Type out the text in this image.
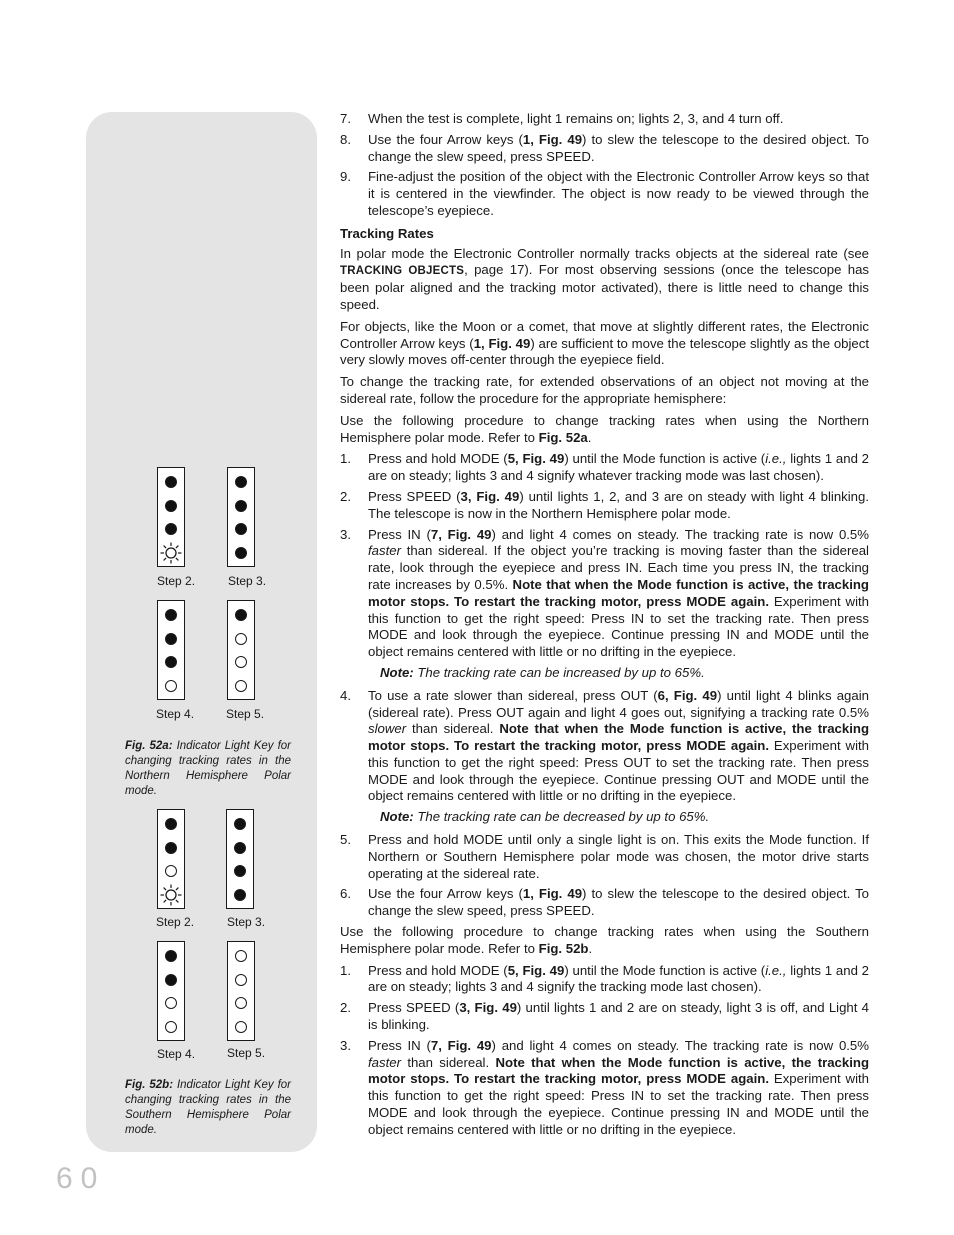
Step 2.	Step 3.
Step 4.	Step 5.
Fig. 52a: Indicator Light Key for changing tracking rates in the Northern Hemisphere Polar mode.
Step 2.	Step 3.
Step 4.	Step 5.
Fig. 52b: Indicator Light Key for changing tracking rates in the Southern Hemisphere Polar mode.
60
7. When the test is complete, light 1 remains on; lights 2, 3, and 4 turn off.
8. Use the four Arrow keys (1, Fig. 49) to slew the telescope to the desired object. To change the slew speed, press SPEED.
9. Fine-adjust the position of the object with the Electronic Controller Arrow keys so that it is centered in the viewfinder. The object is now ready to be viewed through the telescope’s eyepiece.
Tracking Rates

In polar mode the Electronic Controller normally tracks objects at the sidereal rate (see TRACKING OBJECTS, page 17). For most observing sessions (once the telescope has been polar aligned and the tracking motor activated), there is little need to change this speed.

For objects, like the Moon or a comet, that move at slightly different rates, the Electronic Controller Arrow keys (1, Fig. 49) are sufficient to move the telescope slightly as the object very slowly moves off-center through the eyepiece field.

To change the tracking rate, for extended observations of an object not moving at the sidereal rate, follow the procedure for the appropriate hemisphere:

Use the following procedure to change tracking rates when using the Northern Hemisphere polar mode. Refer to Fig. 52a.

1. Press and hold MODE (5, Fig. 49) until the Mode function is active (i.e., lights 1 and 2 are on steady; lights 3 and 4 signify whatever tracking mode was last chosen).
2. Press SPEED (3, Fig. 49) until lights 1, 2, and 3 are on steady with light 4 blinking. The telescope is now in the Northern Hemisphere polar mode.
3. Press IN (7, Fig. 49) and light 4 comes on steady. The tracking rate is now 0.5% faster than sidereal. If the object you’re tracking is moving faster than the sidereal rate, look through the eyepiece and press IN. Each time you press IN, the tracking rate increases by 0.5%. Note that when the Mode function is active, the tracking motor stops. To restart the tracking motor, press MODE again. Experiment with this function to get the right speed: Press IN to set the tracking rate. Then press MODE and look through the eyepiece. Continue pressing IN and MODE until the object remains centered with little or no drifting in the eyepiece.
Note: The tracking rate can be increased by up to 65%.
4. To use a rate slower than sidereal, press OUT (6, Fig. 49) until light 4 blinks again (sidereal rate). Press OUT again and light 4 goes out, signifying a tracking rate 0.5% slower than sidereal. Note that when the Mode function is active, the tracking motor stops. To restart the tracking motor, press MODE again. Experiment with this function to get the right speed: Press OUT to set the tracking rate. Then press MODE and look through the eyepiece. Continue pressing OUT and MODE until the object remains centered with little or no drifting in the eyepiece.
Note: The tracking rate can be decreased by up to 65%.
5. Press and hold MODE until only a single light is on. This exits the Mode function. If Northern or Southern Hemisphere polar mode was chosen, the motor drive starts operating at the sidereal rate.
6. Use the four Arrow keys (1, Fig. 49) to slew the telescope to the desired object. To change the slew speed, press SPEED.

Use the following procedure to change tracking rates when using the Southern Hemisphere polar mode. Refer to Fig. 52b.

1. Press and hold MODE (5, Fig. 49) until the Mode function is active (i.e., lights 1 and 2 are on steady; lights 3 and 4 signify the tracking mode last chosen).
2. Press SPEED (3, Fig. 49) until lights 1 and 2 are on steady, light 3 is off, and Light 4 is blinking.
3. Press IN (7, Fig. 49) and light 4 comes on steady. The tracking rate is now 0.5% faster than sidereal. Note that when the Mode function is active, the tracking motor stops. To restart the tracking motor, press MODE again. Experiment with this function to get the right speed: Press IN to set the tracking rate. Then press MODE and look through the eyepiece. Continue pressing IN and MODE until the object remains centered with little or no drifting in the eyepiece.
